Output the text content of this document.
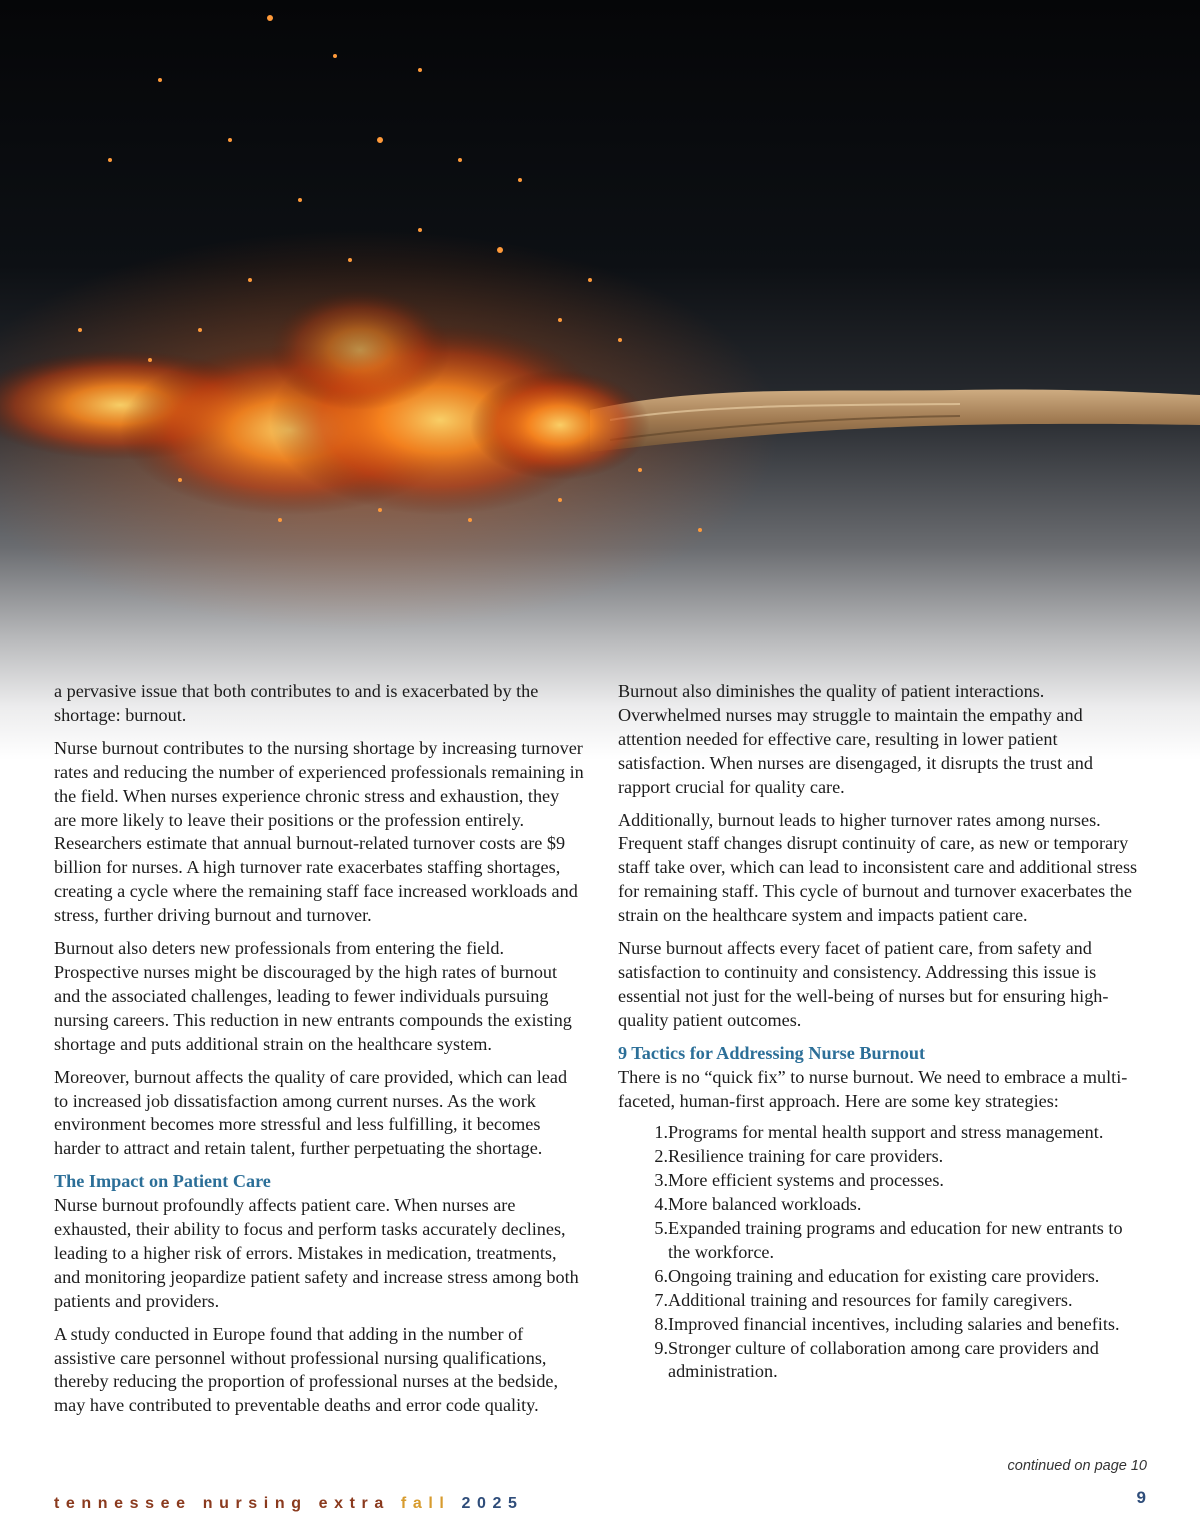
a pervasive issue that both contributes to and is exacerbated by the shortage: burnout.

Nurse burnout contributes to the nursing shortage by increasing turnover rates and reducing the number of experienced professionals remaining in the field. When nurses experience chronic stress and exhaustion, they are more likely to leave their positions or the profession entirely. Researchers estimate that annual burnout-related turnover costs are $9 billion for nurses. A high turnover rate exacerbates staffing shortages, creating a cycle where the remaining staff face increased workloads and stress, further driving burnout and turnover.

Burnout also deters new professionals from entering the field. Prospective nurses might be discouraged by the high rates of burnout and the associated challenges, leading to fewer individuals pursuing nursing careers. This reduction in new entrants compounds the existing shortage and puts additional strain on the healthcare system.

Moreover, burnout affects the quality of care provided, which can lead to increased job dissatisfaction among current nurses. As the work environment becomes more stressful and less fulfilling, it becomes harder to attract and retain talent, further perpetuating the shortage.

The Impact on Patient Care

Nurse burnout profoundly affects patient care. When nurses are exhausted, their ability to focus and perform tasks accurately declines, leading to a higher risk of errors. Mistakes in medication, treatments, and monitoring jeopardize patient safety and increase stress among both patients and providers.

A study conducted in Europe found that adding in the number of assistive care personnel without professional nursing qualifications, thereby reducing the proportion of professional nurses at the bedside, may have contributed to preventable deaths and error code quality.

Burnout also diminishes the quality of patient interactions. Overwhelmed nurses may struggle to maintain the empathy and attention needed for effective care, resulting in lower patient satisfaction. When nurses are disengaged, it disrupts the trust and rapport crucial for quality care.

Additionally, burnout leads to higher turnover rates among nurses. Frequent staff changes disrupt continuity of care, as new or temporary staff take over, which can lead to inconsistent care and additional stress for remaining staff. This cycle of burnout and turnover exacerbates the strain on the healthcare system and impacts patient care.

Nurse burnout affects every facet of patient care, from safety and satisfaction to continuity and consistency. Addressing this issue is essential not just for the well-being of nurses but for ensuring high-quality patient outcomes.

9 Tactics for Addressing Nurse Burnout

There is no “quick fix” to nurse burnout. We need to embrace a multi-faceted, human-first approach. Here are some key strategies:

1. Programs for mental health support and stress management.
2. Resilience training for care providers.
3. More efficient systems and processes.
4. More balanced workloads.
5. Expanded training programs and education for new entrants to the workforce.
6. Ongoing training and education for existing care providers.
7. Additional training and resources for family caregivers.
8. Improved financial incentives, including salaries and benefits.
9. Stronger culture of collaboration among care providers and administration.
continued on page 10
tennessee nursing extra fall 2025	9
